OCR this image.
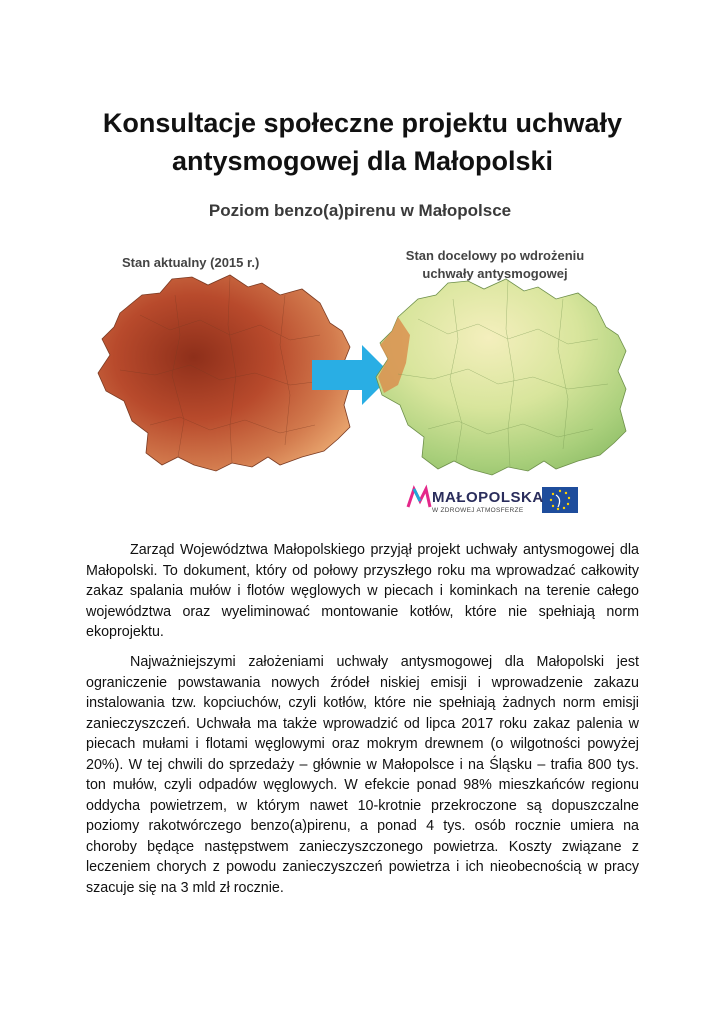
Konsultacje społeczne projektu uchwały antysmogowej dla Małopolski
Poziom benzo(a)pirenu w Małopolsce
Stan aktualny (2015 r.)	Stan docelowy po wdrożeniu
uchwały antysmogowej
MAŁOPOLSKA
W ZDROWEJ ATMOSFERZE
Zarząd Województwa Małopolskiego przyjął projekt uchwały antysmogowej dla Małopolski. To dokument, który od połowy przyszłego roku ma wprowadzać całkowity zakaz spalania mułów i flotów węglowych w piecach i kominkach na terenie całego województwa oraz wyeliminować montowanie kotłów, które nie spełniają norm ekoprojektu.
Najważniejszymi założeniami uchwały antysmogowej dla Małopolski jest ograniczenie powstawania nowych źródeł niskiej emisji i wprowadzenie zakazu instalowania tzw. kopciuchów, czyli kotłów, które nie spełniają żadnych norm emisji zanieczyszczeń. Uchwała ma także wprowadzić od lipca 2017 roku zakaz palenia w piecach mułami i flotami węglowymi oraz mokrym drewnem (o wilgotności powyżej 20%). W tej chwili do sprzedaży – głównie w Małopolsce i na Śląsku – trafia 800 tys. ton mułów, czyli odpadów węglowych. W efekcie ponad 98% mieszkańców regionu oddycha powietrzem, w którym nawet 10-krotnie przekroczone są dopuszczalne poziomy rakotwórczego benzo(a)pirenu, a ponad 4 tys. osób rocznie umiera na choroby będące następstwem zanieczyszczonego powietrza. Koszty związane z leczeniem chorych z powodu zanieczyszczeń powietrza i ich nieobecnością w pracy szacuje się na 3 mld zł rocznie.
